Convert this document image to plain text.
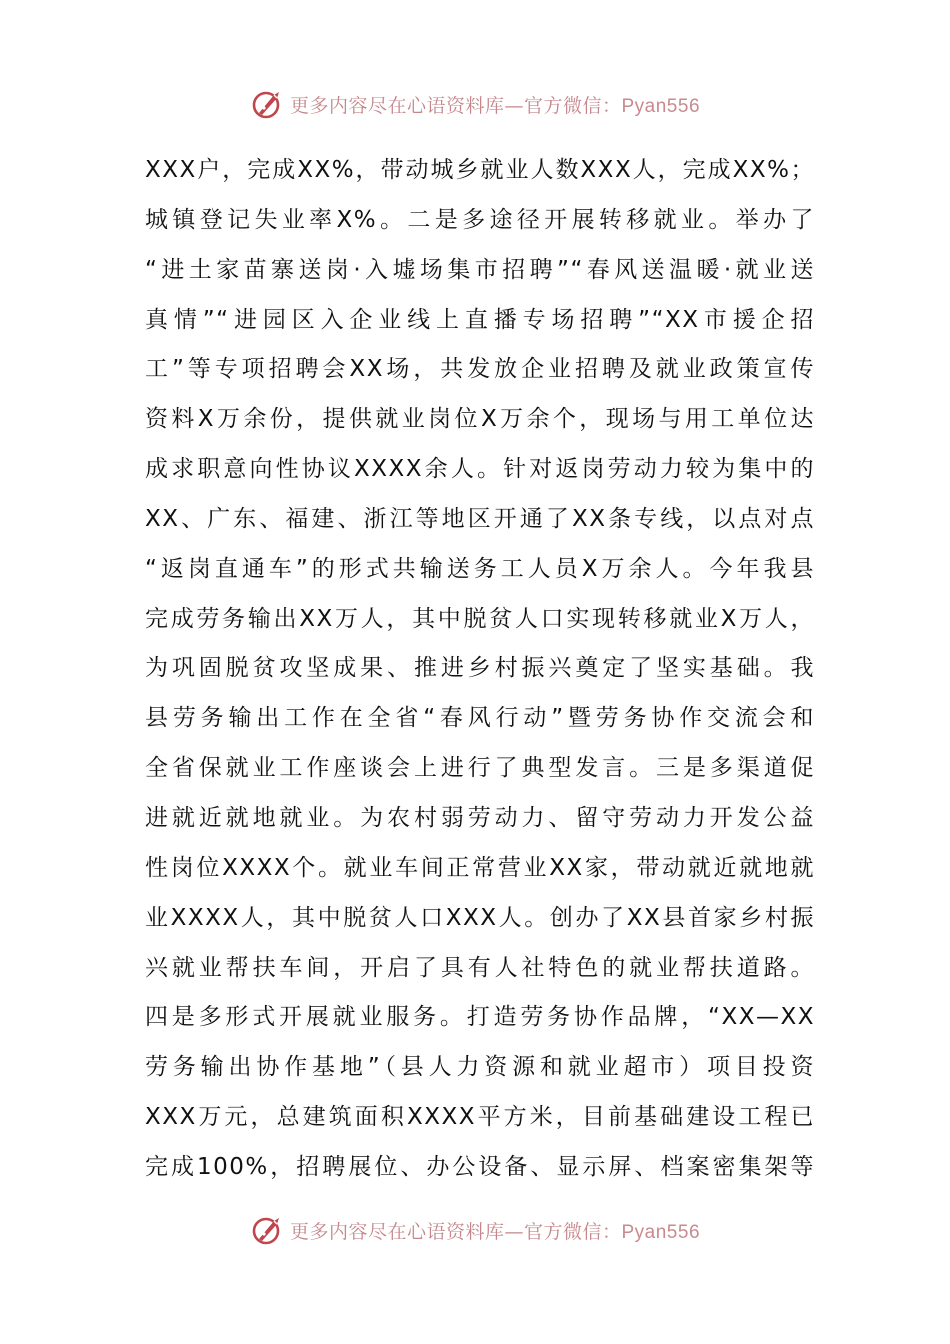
更多内容尽在心语资料库—官方微信：Pyan556
XXX户，完成XX%，带动城乡就业人数XXX人，完成XX%；
城镇登记失业率X%。二是多途径开展转移就业。举办了
“进土家苗寨送岗·入墟场集市招聘”“春风送温暖·就业送
真情”“进园区入企业线上直播专场招聘”“XX市援企招
工”等专项招聘会XX场，共发放企业招聘及就业政策宣传
资料X万余份，提供就业岗位X万余个，现场与用工单位达
成求职意向性协议XXXX余人。针对返岗劳动力较为集中的
XX、广东、福建、浙江等地区开通了XX条专线，以点对点
“返岗直通车”的形式共输送务工人员X万余人。今年我县
完成劳务输出XX万人，其中脱贫人口实现转移就业X万人，
为巩固脱贫攻坚成果、推进乡村振兴奠定了坚实基础。我
县劳务输出工作在全省“春风行动”暨劳务协作交流会和
全省保就业工作座谈会上进行了典型发言。三是多渠道促
进就近就地就业。为农村弱劳动力、留守劳动力开发公益
性岗位XXXX个。就业车间正常营业XX家，带动就近就地就
业XXXX人，其中脱贫人口XXX人。创办了XX县首家乡村振
兴就业帮扶车间，开启了具有人社特色的就业帮扶道路。
四是多形式开展就业服务。打造劳务协作品牌，“XX—XX
劳务输出协作基地”（县人力资源和就业超市）项目投资
XXX万元，总建筑面积XXXX平方米，目前基础建设工程已
完成100%，招聘展位、办公设备、显示屏、档案密集架等
更多内容尽在心语资料库—官方微信：Pyan556
